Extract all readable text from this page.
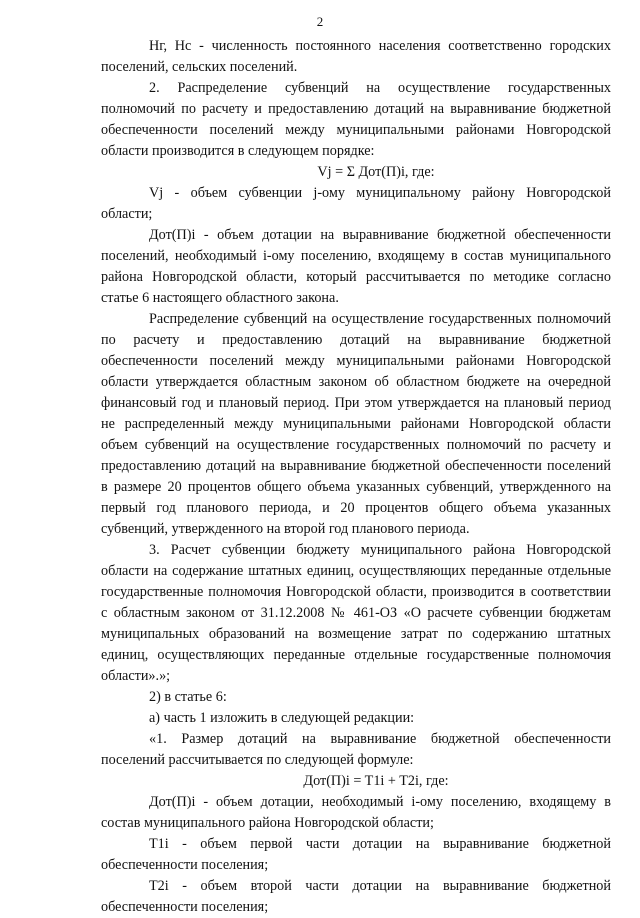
2

Нг, Нс - численность постоянного населения соответственно городских поселений, сельских поселений.

2. Распределение субвенций на осуществление государственных полномочий по расчету и предоставлению дотаций на выравнивание бюджетной обеспеченности поселений между муниципальными районами Новгородской области производится в следующем порядке:

Vj = Σ Дот(П)i, где:

Vj - объем субвенции j-ому муниципальному району Новгородской области;

Дот(П)i - объем дотации на выравнивание бюджетной обеспеченности поселений, необходимый i-ому поселению, входящему в состав муниципального района Новгородской области, который рассчитывается по методике согласно статье 6 настоящего областного закона.

Распределение субвенций на осуществление государственных полномочий по расчету и предоставлению дотаций на выравнивание бюджетной обеспеченности поселений между муниципальными районами Новгородской области утверждается областным законом об областном бюджете на очередной финансовый год и плановый период. При этом утверждается на плановый период не распределенный между муниципальными районами Новгородской области объем субвенций на осуществление государственных полномочий по расчету и предоставлению дотаций на выравнивание бюджетной обеспеченности поселений в размере 20 процентов общего объема указанных субвенций, утвержденного на первый год планового периода, и 20 процентов общего объема указанных субвенций, утвержденного на второй год планового периода.

3. Расчет субвенции бюджету муниципального района Новгородской области на содержание штатных единиц, осуществляющих переданные отдельные государственные полномочия Новгородской области, производится в соответствии с областным законом от 31.12.2008 № 461-ОЗ «О расчете субвенции бюджетам муниципальных образований на возмещение затрат по содержанию штатных единиц, осуществляющих переданные отдельные государственные полномочия области».»;

2) в статье 6:

а) часть 1 изложить в следующей редакции:

«1. Размер дотаций на выравнивание бюджетной обеспеченности поселений рассчитывается по следующей формуле:

Дот(П)i = T1i + T2i, где:

Дот(П)i - объем дотации, необходимый i-ому поселению, входящему в состав муниципального района Новгородской области;

T1i - объем первой части дотации на выравнивание бюджетной обеспеченности поселения;

T2i - объем второй части дотации на выравнивание бюджетной обеспеченности поселения;
